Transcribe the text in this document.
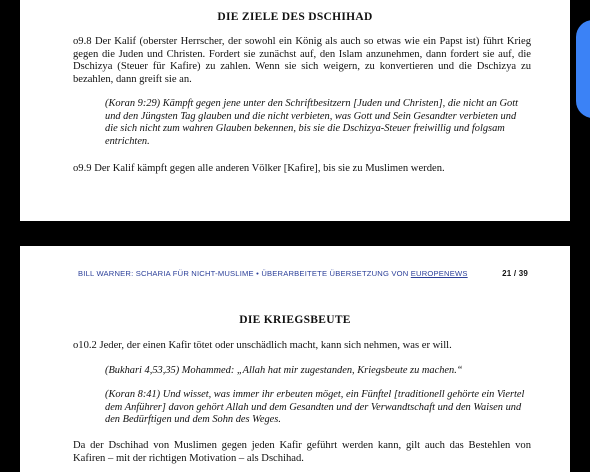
DIE ZIELE DES DSCHIHAD

o9.8 Der Kalif (oberster Herrscher, der sowohl ein König als auch so etwas wie ein Papst ist) führt Krieg gegen die Juden und Christen. Fordert sie zunächst auf, den Islam anzunehmen, dann fordert sie auf, die Dschizya (Steuer für Kafire) zu zahlen. Wenn sie sich weigern, zu konvertieren und die Dschizya zu bezahlen, dann greift sie an.

(Koran 9:29) Kämpft gegen jene unter den Schriftbesitzern [Juden und Christen], die nicht an Gott und den Jüngsten Tag glauben und die nicht verbieten, was Gott und Sein Gesandter verbieten und die sich nicht zum wahren Glauben bekennen, bis sie die Dschizya-Steuer freiwillig und folgsam entrichten.

o9.9 Der Kalif kämpft gegen alle anderen Völker [Kafire], bis sie zu Muslimen werden.

BILL WARNER: SCHARIA FÜR NICHT-MUSLIME • ÜBERARBEITETE ÜBERSETZUNG VON EUROPENEWS	21 / 39
DIE KRIEGSBEUTE

o10.2 Jeder, der einen Kafir tötet oder unschädlich macht, kann sich nehmen, was er will.

(Bukhari 4,53,35) Mohammed: „Allah hat mir zugestanden, Kriegsbeute zu machen.“

(Koran 8:41) Und wisset, was immer ihr erbeuten möget, ein Fünftel [traditionell gehörte ein Viertel dem Anführer] davon gehört Allah und dem Gesandten und der Verwandtschaft und den Waisen und den Bedürftigen und dem Sohn des Weges.

Da der Dschihad von Muslimen gegen jeden Kafir geführt werden kann, gilt auch das Bestehlen von Kafiren – mit der richtigen Motivation – als Dschihad.
